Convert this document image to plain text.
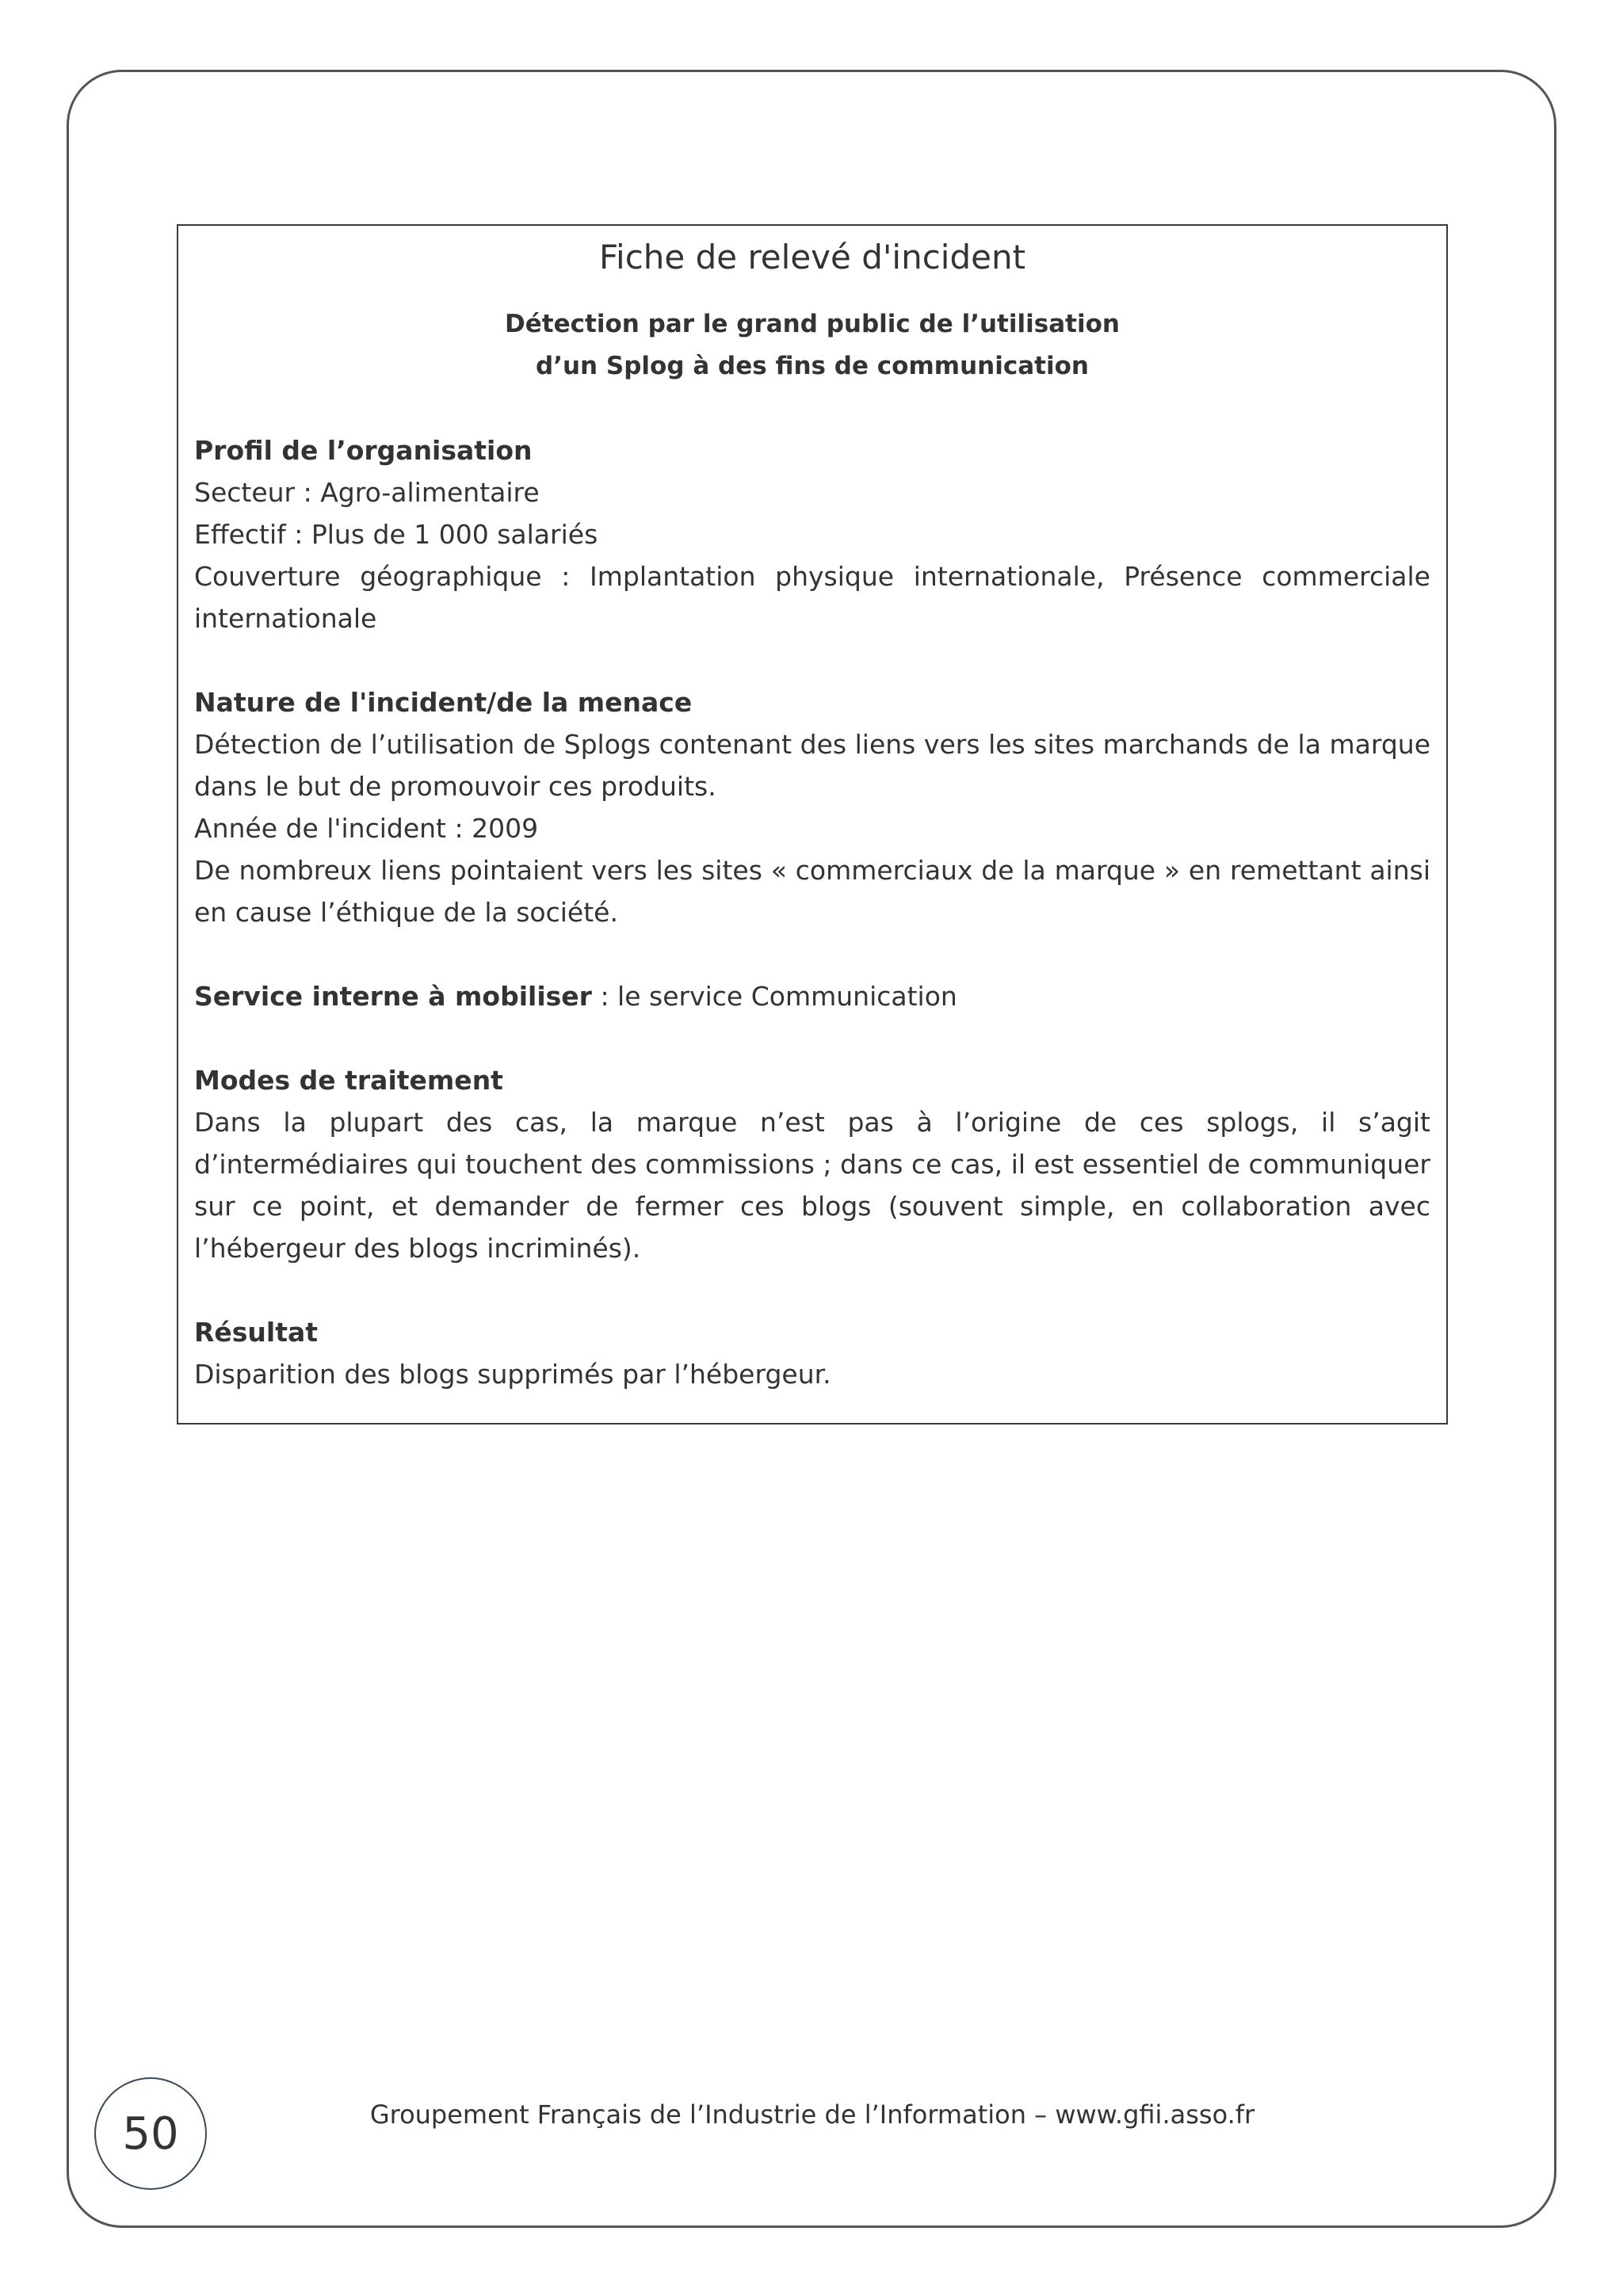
Fiche de relevé d'incident
Détection par le grand public de l’utilisation
d’un Splog à des fins de communication
Profil de l’organisation
Secteur : Agro-alimentaire
Effectif : Plus de 1 000 salariés
Couverture géographique : Implantation physique internationale, Présence commerciale internationale
Nature de l'incident/de la menace
Détection de l’utilisation de Splogs contenant des liens vers les sites marchands de la marque dans le but de promouvoir ces produits.
Année de l'incident : 2009
De nombreux liens pointaient vers les sites « commerciaux de la marque » en remettant ainsi en cause l’éthique de la société.
Service interne à mobiliser : le service Communication
Modes de traitement
Dans la plupart des cas, la marque n’est pas à l’origine de ces splogs, il s’agit d’intermédiaires qui touchent des commissions ; dans ce cas, il est essentiel de communiquer sur ce point, et demander de fermer ces blogs (souvent simple, en collaboration avec l’hébergeur des blogs incriminés).
Résultat
Disparition des blogs supprimés par l’hébergeur.
50	Groupement Français de l’Industrie de l’Information – www.gfii.asso.fr
